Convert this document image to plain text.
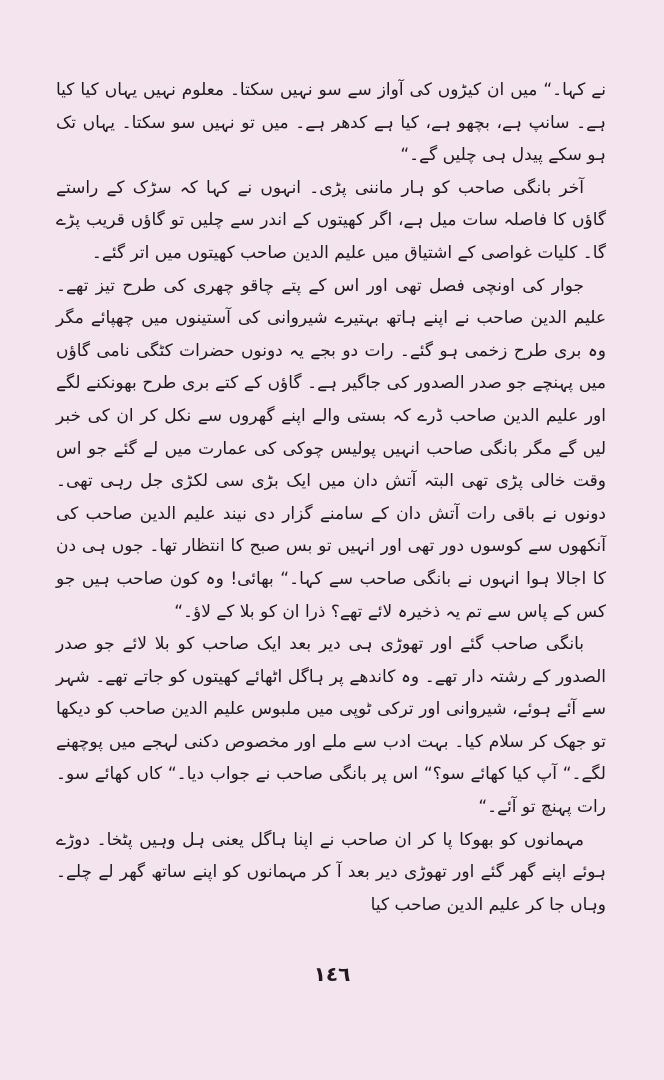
نے کہا۔“ میں ان کیڑوں کی آواز سے سو نہیں سکتا۔ معلوم نہیں یہاں کیا کیا ہے۔ سانپ ہے، بچھو ہے، کیا ہے کدھر ہے۔ میں تو نہیں سو سکتا۔ یہاں تک ہو سکے پیدل ہی چلیں گے۔“

آخر بانگی صاحب کو ہار ماننی پڑی۔ انہوں نے کہا کہ سڑک کے راستے گاؤں کا فاصلہ سات میل ہے، اگر کھیتوں کے اندر سے چلیں تو گاؤں قریب پڑے گا۔ کلیات غواصی کے اشتیاق میں علیم الدین صاحب کھیتوں میں اتر گئے۔

جوار کی اونچی فصل تھی اور اس کے پتے چاقو چھری کی طرح تیز تھے۔ علیم الدین صاحب نے اپنے ہاتھ بہتیرے شیروانی کی آستینوں میں چھپائے مگر وہ بری طرح زخمی ہو گئے۔ رات دو بجے یہ دونوں حضرات کٹگی نامی گاؤں میں پہنچے جو صدر الصدور کی جاگیر ہے۔ گاؤں کے کتے بری طرح بھونکنے لگے اور علیم الدین صاحب ڈرے کہ بستی والے اپنے گھروں سے نکل کر ان کی خبر لیں گے مگر بانگی صاحب انہیں پولیس چوکی کی عمارت میں لے گئے جو اس وقت خالی پڑی تھی البتہ آتش دان میں ایک بڑی سی لکڑی جل رہی تھی۔ دونوں نے باقی رات آتش دان کے سامنے گزار دی نیند علیم الدین صاحب کی آنکھوں سے کوسوں دور تھی اور انہیں تو بس صبح کا انتظار تھا۔ جوں ہی دن کا اجالا ہوا انہوں نے بانگی صاحب سے کہا۔“ بھائی! وہ کون صاحب ہیں جو کس کے پاس سے تم یہ ذخیرہ لائے تھے؟ ذرا ان کو بلا کے لاؤ۔“

بانگی صاحب گئے اور تھوڑی ہی دیر بعد ایک صاحب کو بلا لائے جو صدر الصدور کے رشتہ دار تھے۔ وہ کاندھے پر ہاگل اٹھائے کھیتوں کو جاتے تھے۔ شہر سے آئے ہوئے، شیروانی اور ترکی ٹوپی میں ملبوس علیم الدین صاحب کو دیکھا تو جھک کر سلام کیا۔ بہت ادب سے ملے اور مخصوص دکنی لہجے میں پوچھنے لگے۔“ آپ کیا کھائے سو؟“ اس پر بانگی صاحب نے جواب دیا۔“ کاں کھائے سو۔ رات پہنچ تو آئے۔“

مہمانوں کو بھوکا پا کر ان صاحب نے اپنا ہاگل یعنی ہل وہیں پٹخا۔ دوڑے ہوئے اپنے گھر گئے اور تھوڑی دیر بعد آ کر مہمانوں کو اپنے ساتھ گھر لے چلے۔ وہاں جا کر علیم الدین صاحب کیا

١٤٦
